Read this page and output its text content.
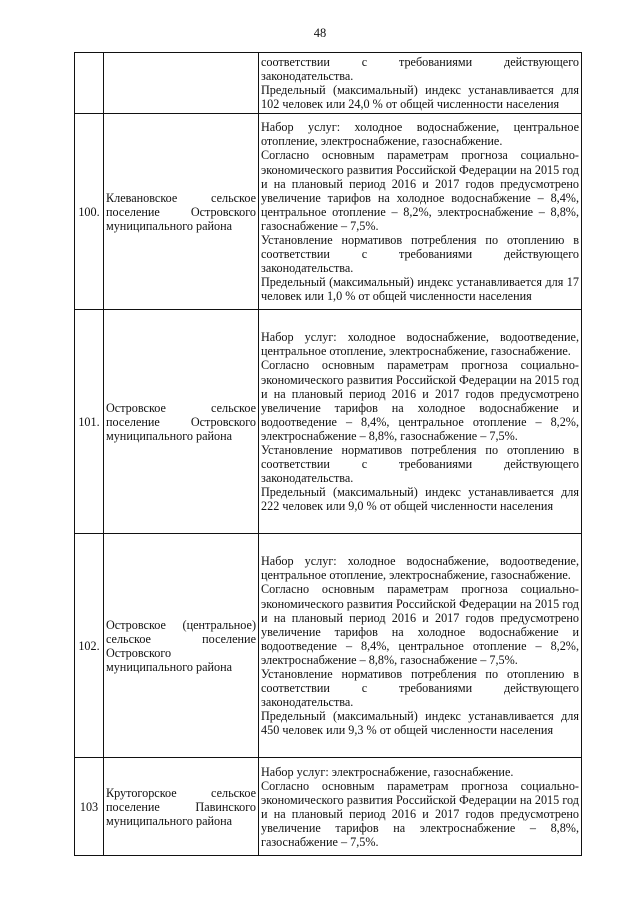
48

		соответствии с требованиями действующего законодательства.

Предельный (максимальный) индекс устанавливается для 102 человек или 24,0 % от общей численности населения

100.	Клевановское сельское поселение Островского муниципального района	Набор услуг: холодное водоснабжение, центральное отопление, электроснабжение, газоснабжение.

Согласно основным параметрам прогноза социально-экономического развития Российской Федерации на 2015 год и на плановый период 2016 и 2017 годов предусмотрено увеличение тарифов на холодное водоснабжение – 8,4%, центральное отопление – 8,2%, электроснабжение – 8,8%, газоснабжение – 7,5%.

Установление нормативов потребления по отоплению в соответствии с требованиями действующего законодательства.

Предельный (максимальный) индекс устанавливается для 17 человек или 1,0 % от общей численности населения

101.	Островское сельское поселение Островского муниципального района	Набор услуг: холодное водоснабжение, водоотведение, центральное отопление, электроснабжение, газоснабжение.

Согласно основным параметрам прогноза социально-экономического развития Российской Федерации на 2015 год и на плановый период 2016 и 2017 годов предусмотрено увеличение тарифов на холодное водоснабжение и водоотведение – 8,4%, центральное отопление – 8,2%, электроснабжение – 8,8%, газоснабжение – 7,5%.

Установление нормативов потребления по отоплению в соответствии с требованиями действующего законодательства.

Предельный (максимальный) индекс устанавливается для 222 человек или 9,0 % от общей численности населения

102.	Островское (центральное) сельское поселение Островского муниципального района	Набор услуг: холодное водоснабжение, водоотведение, центральное отопление, электроснабжение, газоснабжение.

Согласно основным параметрам прогноза социально-экономического развития Российской Федерации на 2015 год и на плановый период 2016 и 2017 годов предусмотрено увеличение тарифов на холодное водоснабжение и водоотведение – 8,4%, центральное отопление – 8,2%, электроснабжение – 8,8%, газоснабжение – 7,5%.

Установление нормативов потребления по отоплению в соответствии с требованиями действующего законодательства.

Предельный (максимальный) индекс устанавливается для 450 человек или 9,3 % от общей численности населения

103	Крутогорское сельское поселение Павинского муниципального района	Набор услуг: электроснабжение, газоснабжение.

Согласно основным параметрам прогноза социально-экономического развития Российской Федерации на 2015 год и на плановый период 2016 и 2017 годов предусмотрено увеличение тарифов на электроснабжение – 8,8%, газоснабжение – 7,5%.
